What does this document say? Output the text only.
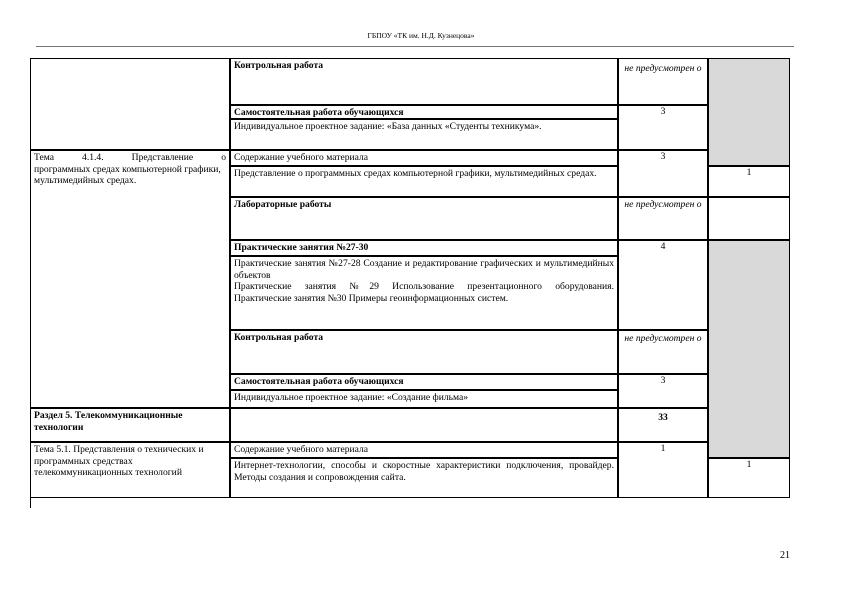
ГБПОУ «ТК им. Н.Д. Кузнецова»
Тема 4.1.4.	Представление о
программных средах компьютерной графики, мультимедийных средах.
Раздел 5. Телекоммуникационные технологии
Тема 5.1. Представления о технических и программных средствах телекоммуникационных технологий
Контрольная работа
Самостоятельная работа обучающихся
Индивидуальное проектное задание: «База данных «Студенты техникума».
Содержание учебного материала
Представление о программных средах компьютерной графики, мультимедийных средах.
Лабораторные работы
Практические занятия №27-30
Практические занятия №27-28 Создание и редактирование графических и мультимедийных объектов
Практические занятия №29 Использование презентационного оборудования.
Практические занятия №30 Примеры геоинформационных систем.
Контрольная работа
Самостоятельная работа обучающихся
Индивидуальное проектное задание: «Создание фильма»
Содержание учебного материала
Интернет-технологии, способы и скоростные характеристики подключения, провайдер.
Методы создания и сопровождения сайта.
не предусмотрен о
3
3
не предусмотрен о
4
не предусмотрен о
3
33
1
1
1
21
